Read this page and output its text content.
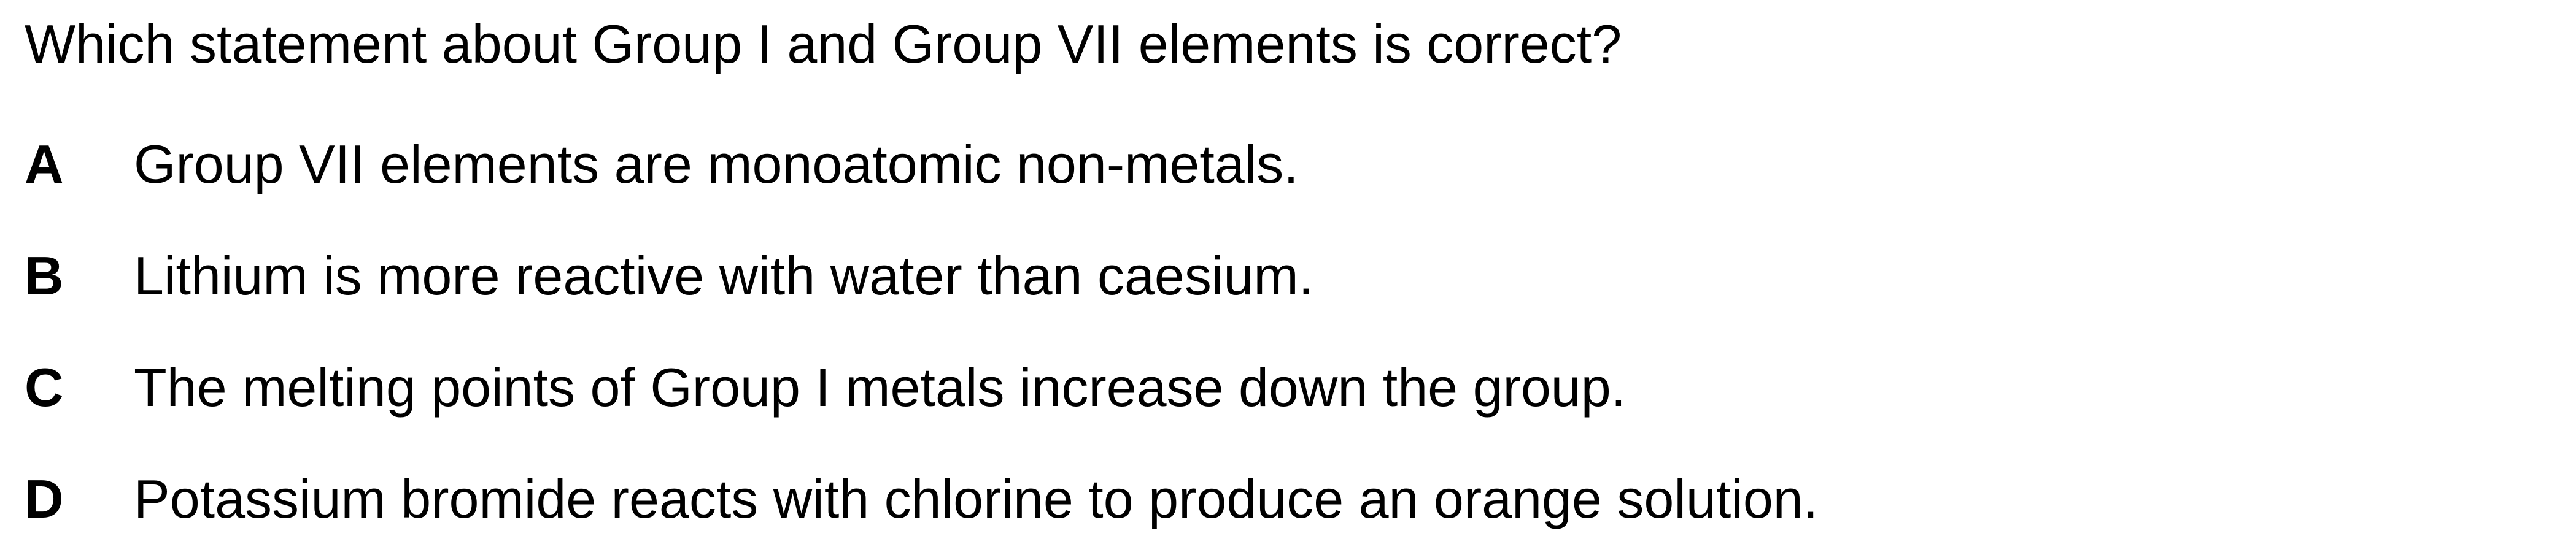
Which statement about Group I and Group VII elements is correct?
A Group VII elements are monoatomic non-metals.
B Lithium is more reactive with water than caesium.
C The melting points of Group I metals increase down the group.
D Potassium bromide reacts with chlorine to produce an orange solution.
